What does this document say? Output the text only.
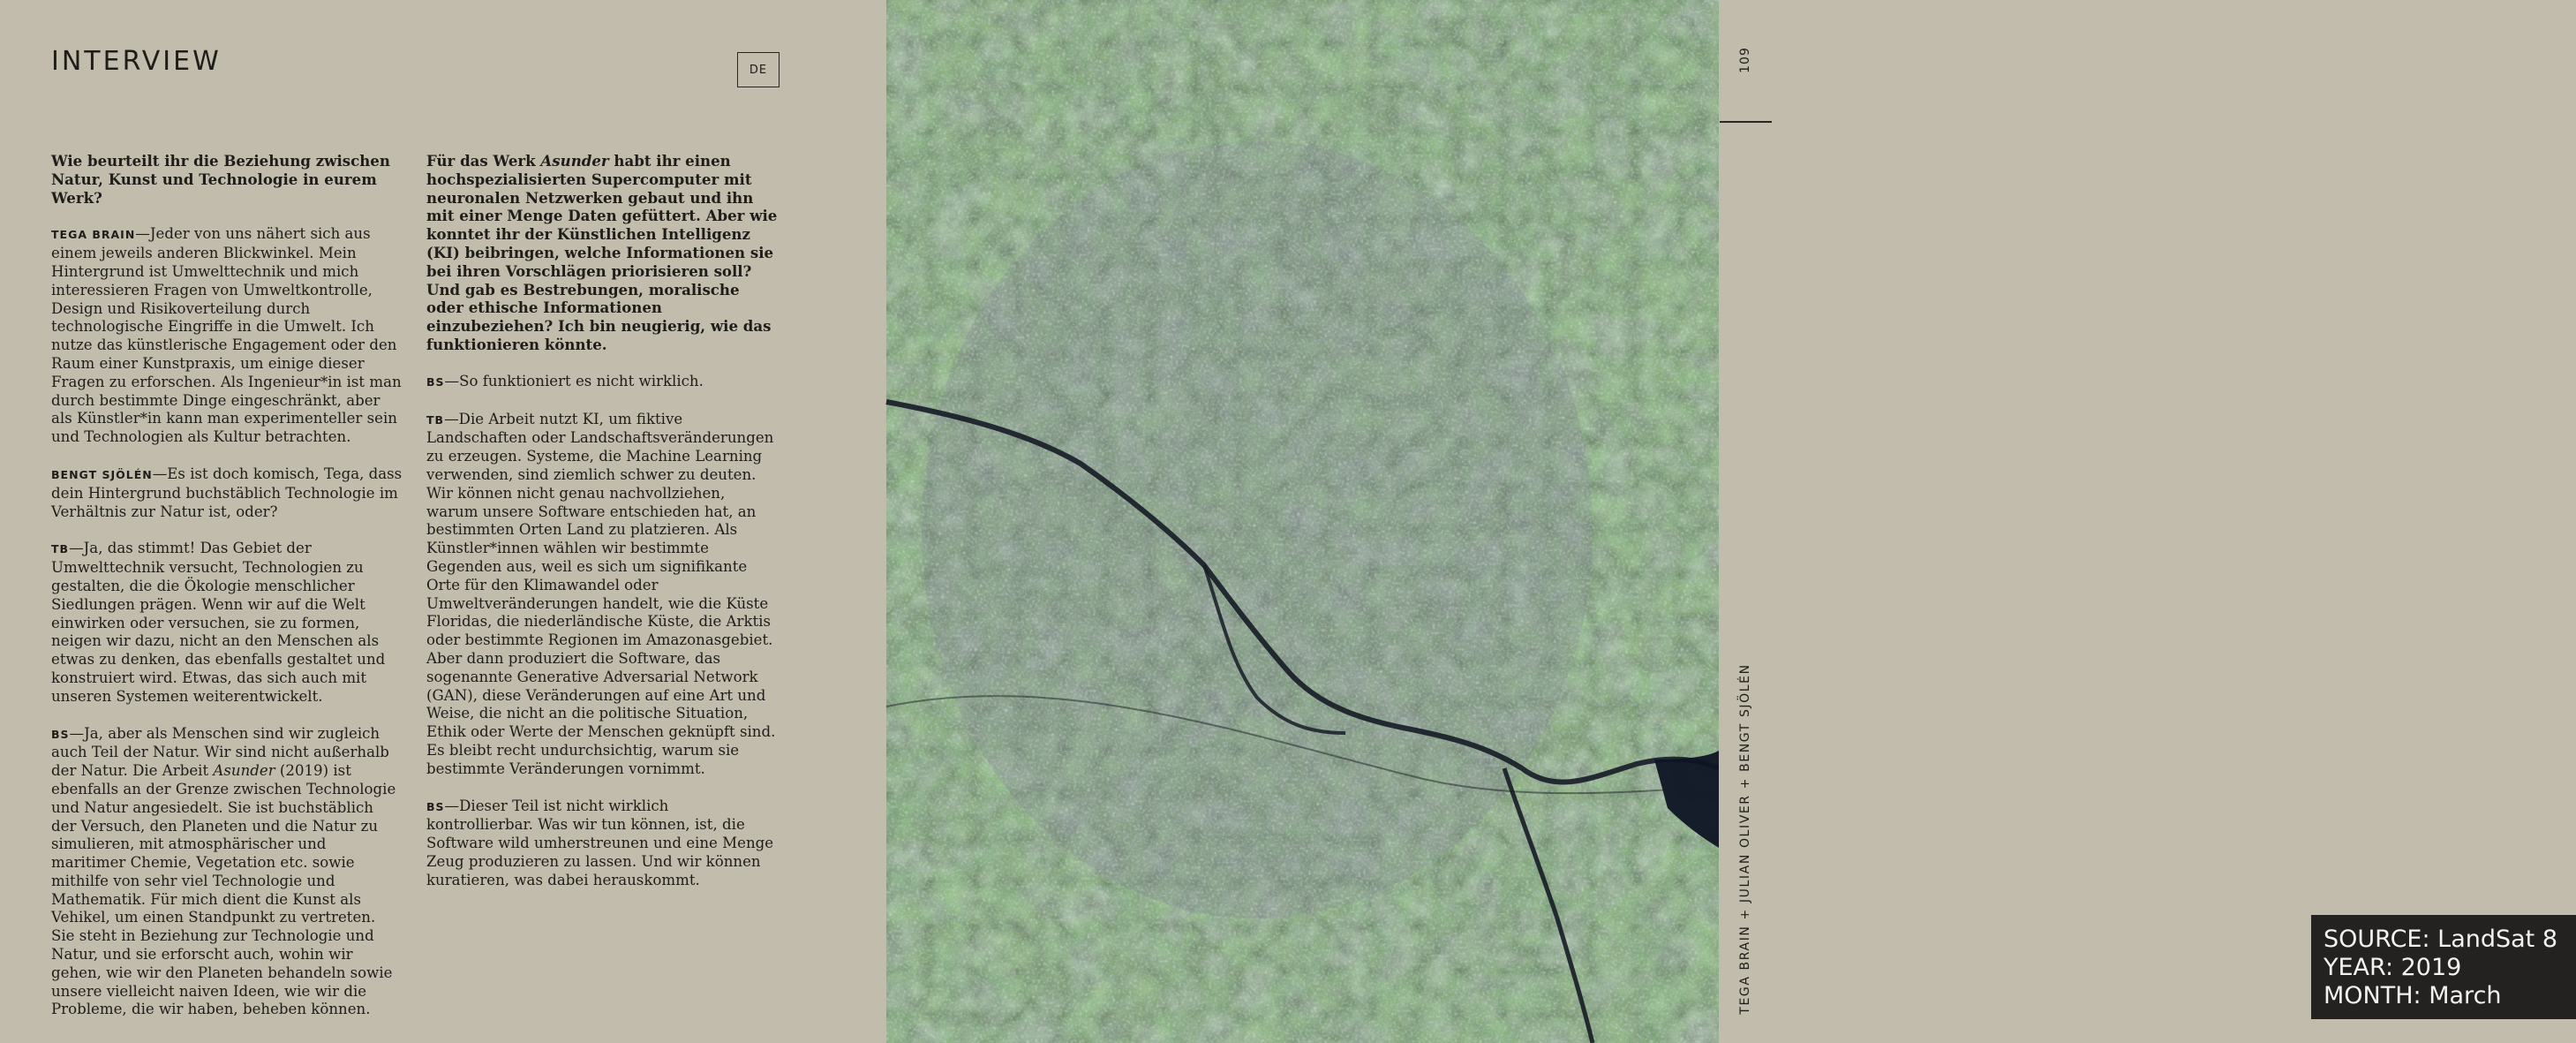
INTERVIEW	DE

Wie beurteilt ihr die Beziehung zwischen Natur, Kunst und Technologie in eurem Werk?

TEGA BRAIN—Jeder von uns nähert sich aus einem jeweils anderen Blickwinkel. Mein Hintergrund ist Umwelttechnik und mich interessieren Fragen von Umweltkontrolle, Design und Risikoverteilung durch technologische Eingriffe in die Umwelt. Ich nutze das künstlerische Engagement oder den Raum einer Kunstpraxis, um einige dieser Fragen zu erforschen. Als Ingenieur*in ist man durch bestimmte Dinge eingeschränkt, aber als Künstler*in kann man experimenteller sein und Technologien als Kultur betrachten.

BENGT SJÖLÉN—Es ist doch komisch, Tega, dass dein Hintergrund buchstäblich Technologie im Verhältnis zur Natur ist, oder?

TB—Ja, das stimmt! Das Gebiet der Umwelttechnik versucht, Technologien zu gestalten, die die Ökologie menschlicher Siedlungen prägen. Wenn wir auf die Welt einwirken oder versuchen, sie zu formen, neigen wir dazu, nicht an den Menschen als etwas zu denken, das ebenfalls gestaltet und konstruiert wird. Etwas, das sich auch mit unseren Systemen weiterentwickelt.

BS—Ja, aber als Menschen sind wir zugleich auch Teil der Natur. Wir sind nicht außerhalb der Natur. Die Arbeit Asunder (2019) ist ebenfalls an der Grenze zwischen Technologie und Natur angesiedelt. Sie ist buchstäblich der Versuch, den Planeten und die Natur zu simulieren, mit atmosphärischer und maritimer Chemie, Vegetation etc. sowie mithilfe von sehr viel Technologie und Mathematik. Für mich dient die Kunst als Vehikel, um einen Standpunkt zu vertreten. Sie steht in Beziehung zur Technologie und Natur, und sie erforscht auch, wohin wir gehen, wie wir den Planeten behandeln sowie unsere vielleicht naiven Ideen, wie wir die Probleme, die wir haben, beheben können.

Für das Werk Asunder habt ihr einen hochspezialisierten Supercomputer mit neuronalen Netzwerken gebaut und ihn mit einer Menge Daten gefüttert. Aber wie konntet ihr der Künstlichen Intelligenz (KI) beibringen, welche Informationen sie bei ihren Vorschlägen priorisieren soll? Und gab es Bestrebungen, moralische oder ethische Informationen einzubeziehen? Ich bin neugierig, wie das funktionieren könnte.

BS—So funktioniert es nicht wirklich.

TB—Die Arbeit nutzt KI, um fiktive Landschaften oder Landschaftsveränderungen zu erzeugen. Systeme, die Machine Learning verwenden, sind ziemlich schwer zu deuten. Wir können nicht genau nachvollziehen, warum unsere Software entschieden hat, an bestimmten Orten Land zu platzieren. Als Künstler*innen wählen wir bestimmte Gegenden aus, weil es sich um signifikante Orte für den Klimawandel oder Umweltveränderungen handelt, wie die Küste Floridas, die niederländische Küste, die Arktis oder bestimmte Regionen im Amazonasgebiet. Aber dann produziert die Software, das sogenannte Generative Adversarial Network (GAN), diese Veränderungen auf eine Art und Weise, die nicht an die politische Situation, Ethik oder Werte der Menschen geknüpft sind. Es bleibt recht undurchsichtig, warum sie bestimmte Veränderungen vornimmt.

BS—Dieser Teil ist nicht wirklich kontrollierbar. Was wir tun können, ist, die Software wild umherstreunen und eine Menge Zeug produzieren zu lassen. Und wir können kuratieren, was dabei herauskommt.

SOURCE: LandSat 8
YEAR: 2019
MONTH: March
109
TEGA BRAIN + JULIAN OLIVER + BENGT SJÖLÉN
